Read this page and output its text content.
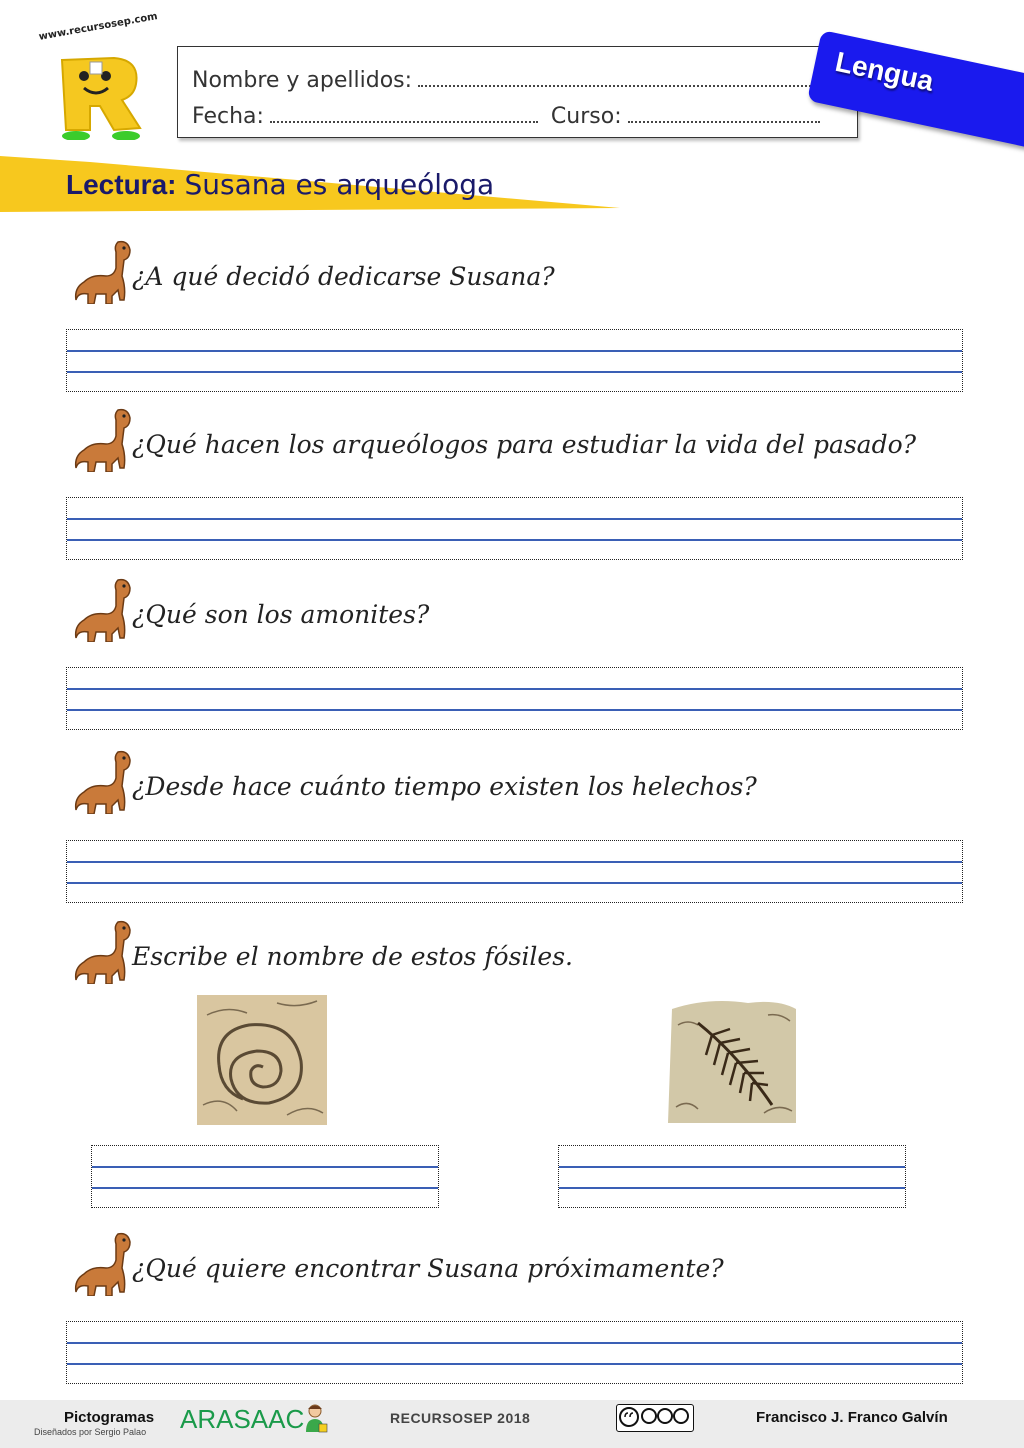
www.recursosep.com
Nombre y apellidos:
Fecha:	Curso:
Lengua
Lectura: Susana es arqueóloga
¿A qué decidó dedicarse Susana?
¿Qué hacen los arqueólogos para estudiar la vida del pasado?
¿Qué son los amonites?
¿Desde hace cuánto tiempo existen los helechos?
Escribe el nombre de estos fósiles.
¿Qué quiere encontrar Susana próximamente?
Pictogramas
Diseñados por Sergio Palao ARASAAC	RECURSOSEP 2018	Francisco J. Franco Galvín
